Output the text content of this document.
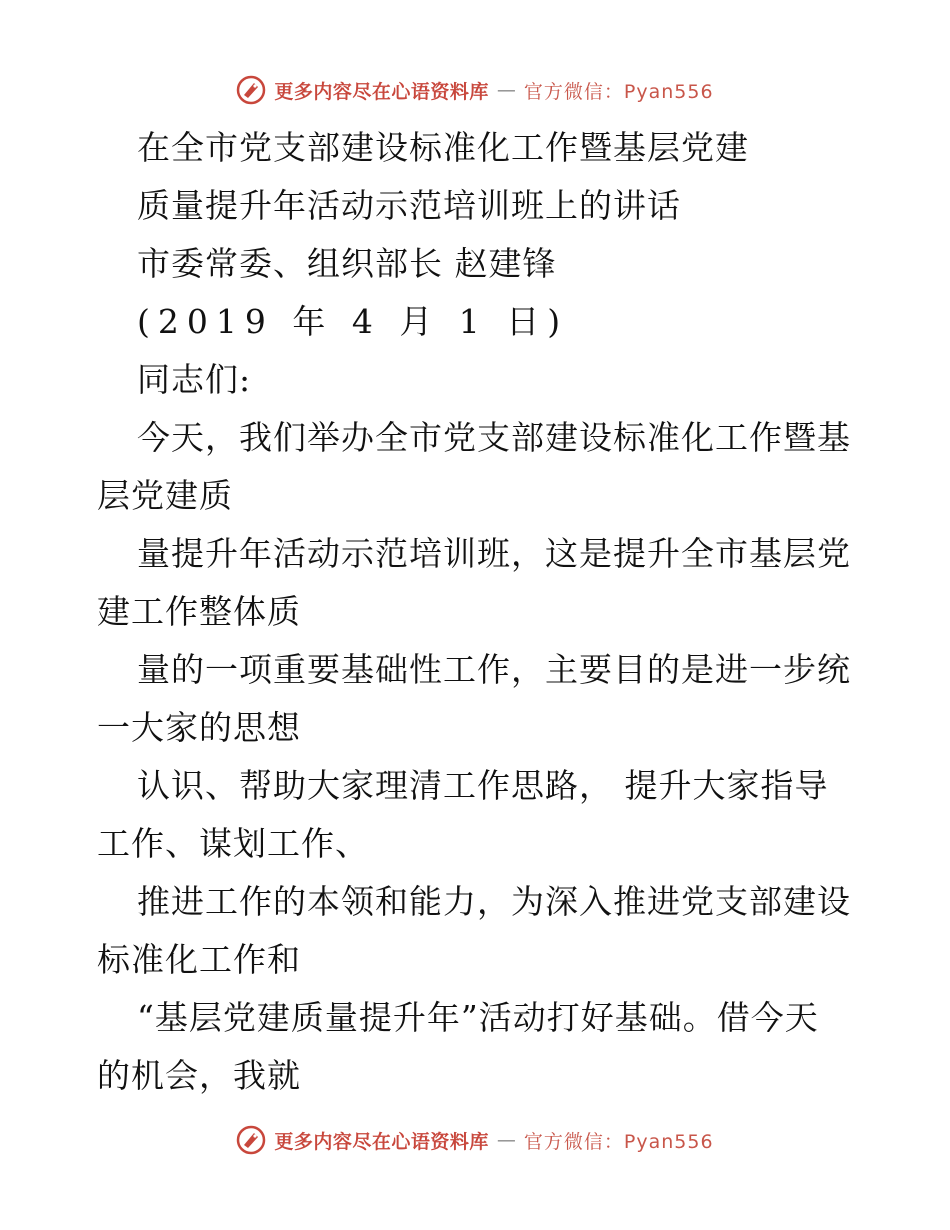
更多内容尽在心语资料库 — 官方微信：Pyan556
在全市党支部建设标准化工作暨基层党建
质量提升年活动示范培训班上的讲话
市委常委、组织部长 赵建锋
(2019 年 4 月 1 日)
同志们:
今天，我们举办全市党支部建设标准化工作暨基
层党建质
量提升年活动示范培训班，这是提升全市基层党
建工作整体质
量的一项重要基础性工作，主要目的是进一步统
一大家的思想
认识、帮助大家理清工作思路， 提升大家指导
工作、谋划工作、
推进工作的本领和能力，为深入推进党支部建设
标准化工作和
“基层党建质量提升年”活动打好基础。借今天
的机会，我就
更多内容尽在心语资料库 — 官方微信：Pyan556
